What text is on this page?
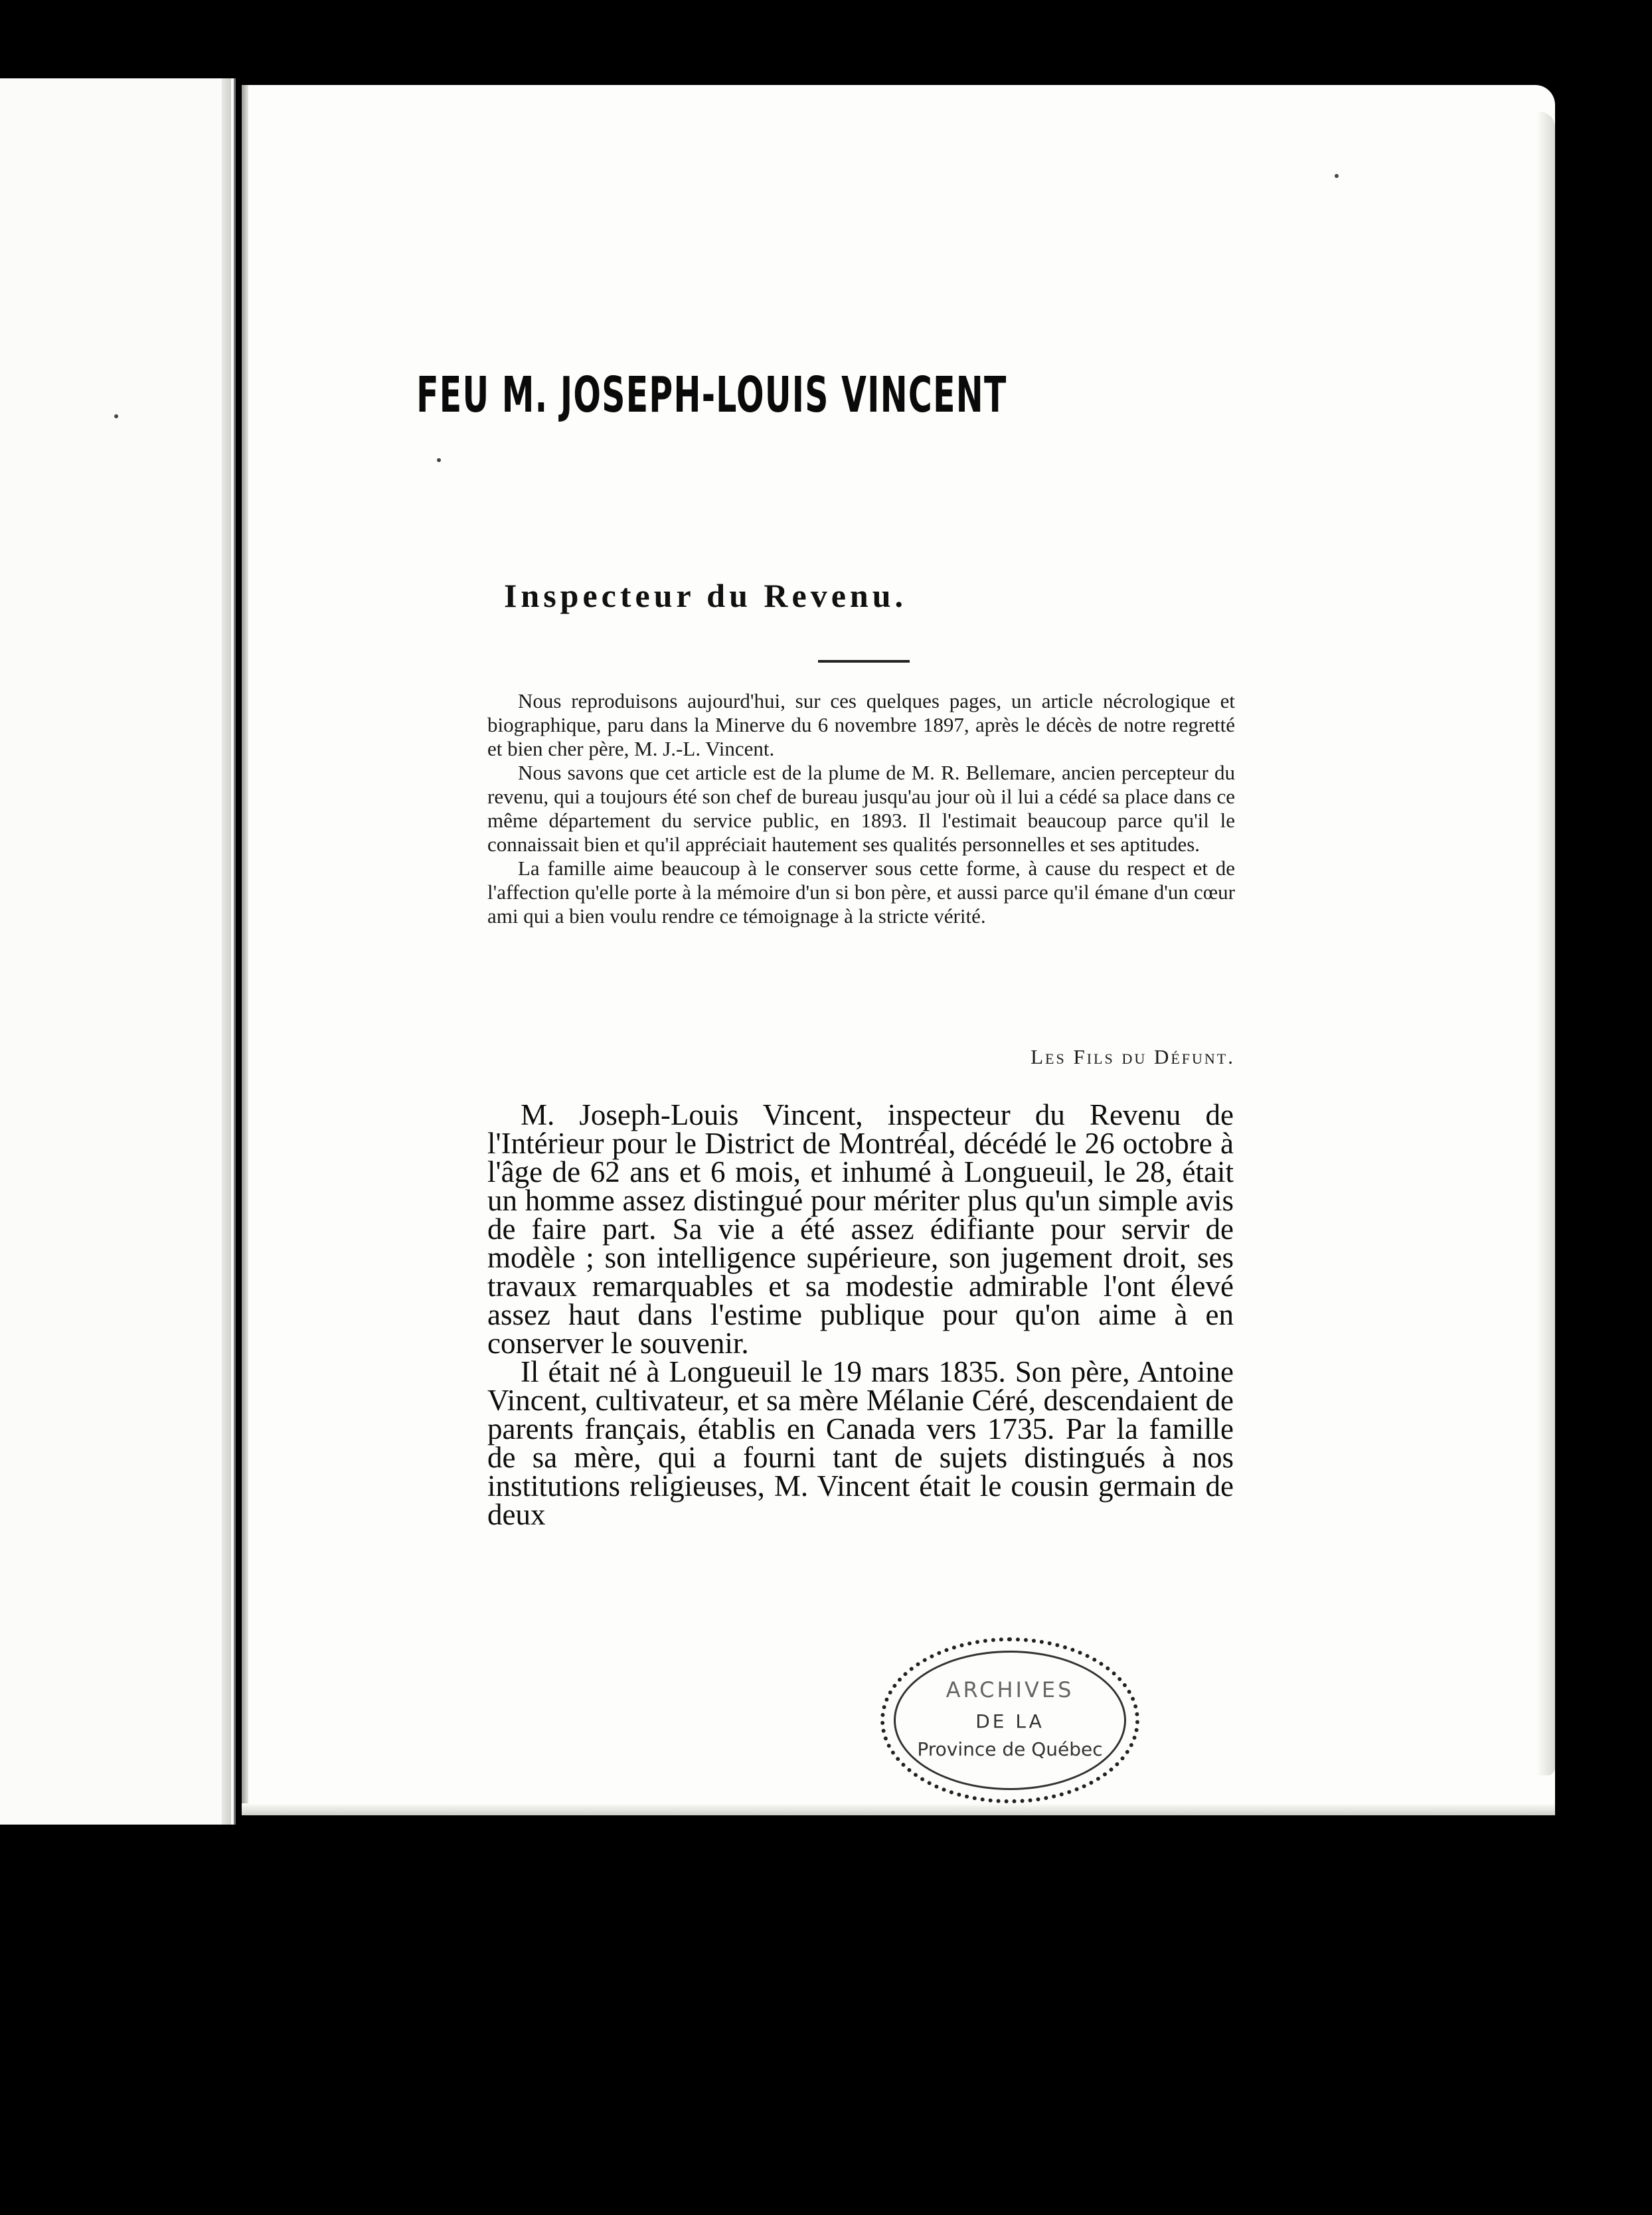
FEU M. JOSEPH-LOUIS VINCENT
Inspecteur du Revenu.

Nous reproduisons aujourd'hui, sur ces quelques pages, un article nécrologique et biographique, paru dans la Minerve du 6 novembre 1897, après le décès de notre regretté et bien cher père, M. J.-L. Vincent.

Nous savons que cet article est de la plume de M. R. Bellemare, ancien percepteur du revenu, qui a toujours été son chef de bureau jusqu'au jour où il lui a cédé sa place dans ce même département du service public, en 1893. Il l'estimait beaucoup parce qu'il le connaissait bien et qu'il appréciait hautement ses qualités personnelles et ses aptitudes.

La famille aime beaucoup à le conserver sous cette forme, à cause du respect et de l'affection qu'elle porte à la mémoire d'un si bon père, et aussi parce qu'il émane d'un cœur ami qui a bien voulu rendre ce témoignage à la stricte vérité.

Les Fils du Défunt.

M. Joseph-Louis Vincent, inspecteur du Revenu de l'Intérieur pour le District de Montréal, décédé le 26 octobre à l'âge de 62 ans et 6 mois, et inhumé à Longueuil, le 28, était un homme assez distingué pour mériter plus qu'un simple avis de faire part. Sa vie a été assez édifiante pour servir de modèle ; son intelligence supérieure, son jugement droit, ses travaux remarquables et sa modestie admirable l'ont élevé assez haut dans l'estime publique pour qu'on aime à en conserver le souvenir.

Il était né à Longueuil le 19 mars 1835. Son père, Antoine Vincent, cultivateur, et sa mère Mélanie Céré, descendaient de parents français, établis en Canada vers 1735. Par la famille de sa mère, qui a fourni tant de sujets distingués à nos institutions religieuses, M. Vincent était le cousin germain de deux

ARCHIVES
DE LA
Province de Québec
